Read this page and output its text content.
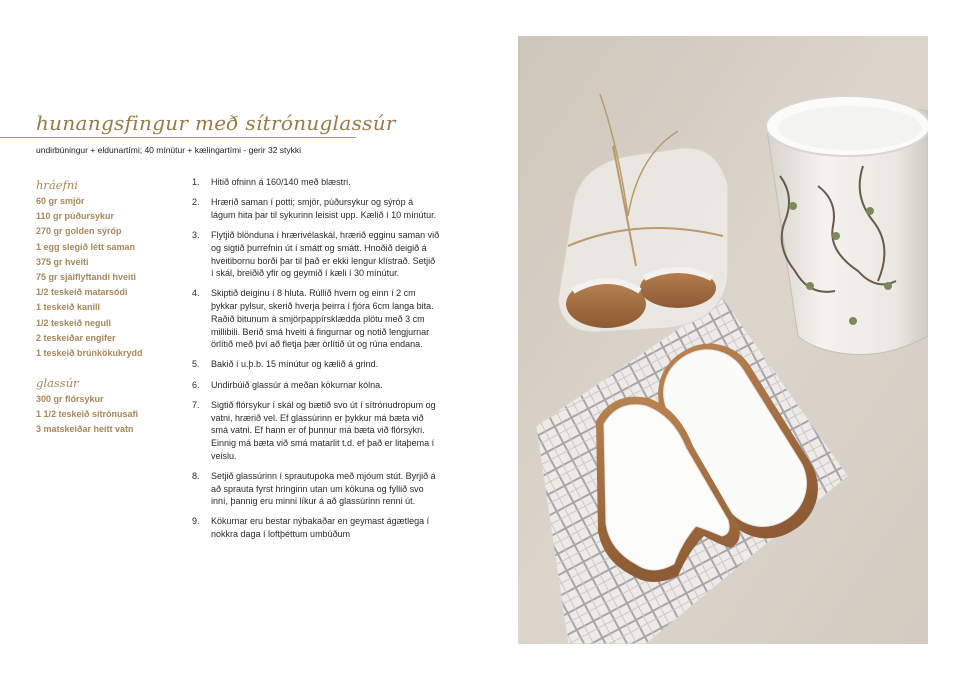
hunangsfingur með sítrónuglassúr
undirbúningur + eldunartími; 40 mínútur + kælingartími - gerir 32 stykki
hráefni
60 gr smjör
110 gr púðursykur
270 gr golden sýróp
1 egg slegið létt saman
375 gr hveiti
75 gr sjálflyftandi hveiti
1/2 teskeið matarsódi
1 teskeið kanill
1/2 teskeið negull
2 teskeiðar engifer
1 teskeið brúnkökukrydd
glassúr
300 gr flórsykur
1 1/2 teskeið sítrónusafi
3 matskeiðar heitt vatn
1. Hitið ofninn á 160/140 með blæstri.
2. Hrærið saman í potti; smjör, púðursykur og sýróp á lágum hita þar til sykurinn leisist upp. Kælið í 10 mínútur.
3. Flytjið blönduna í hrærivélaskál, hrærið egginu saman við og sigtið þurrefnin út í smátt og smátt. Hnoðið deigið á hveitibornu borði þar til það er ekki lengur klístrað. Setjið í skál, breiðið yfir og geymið í kæli í 30 mínútur.
4. Skiptið deiginu í 8 hluta. Rúllið hvern og einn í 2 cm þykkar pylsur, skerið hverja þeirra í fjóra 6cm langa bita. Raðið bitunum á smjörpappírsklædda plötu með 3 cm millibili. Berið smá hveiti á fingurnar og notið lengjurnar örlítið með því að fletja þær örlítið út og rúna endana.
5. Bakið í u.þ.b. 15 mínútur og kælið á grind.
6. Undirbúið glassúr á meðan kökurnar kólna.
7. Sigtið flórsykur í skál og bætið svo út í sítrónudropum og vatni, hrærið vel. Ef glassúrinn er þykkur má bæta við smá vatni. Ef hann er of þunnur má bæta við flórsykri. Einnig má bæta við smá matarlit t.d. ef það er litaþema í veislu.
8. Setjið glassúrinn í sprautupoka með mjóum stút. Byrjið á að sprauta fyrst hringinn utan um kökuna og fyllið svo inní, þannig eru minni líkur á að glassúrinn renni út.
9. Kökurnar eru bestar nýbakaðar en geymast ágætlega í nokkra daga í loftþéttum umbúðum
